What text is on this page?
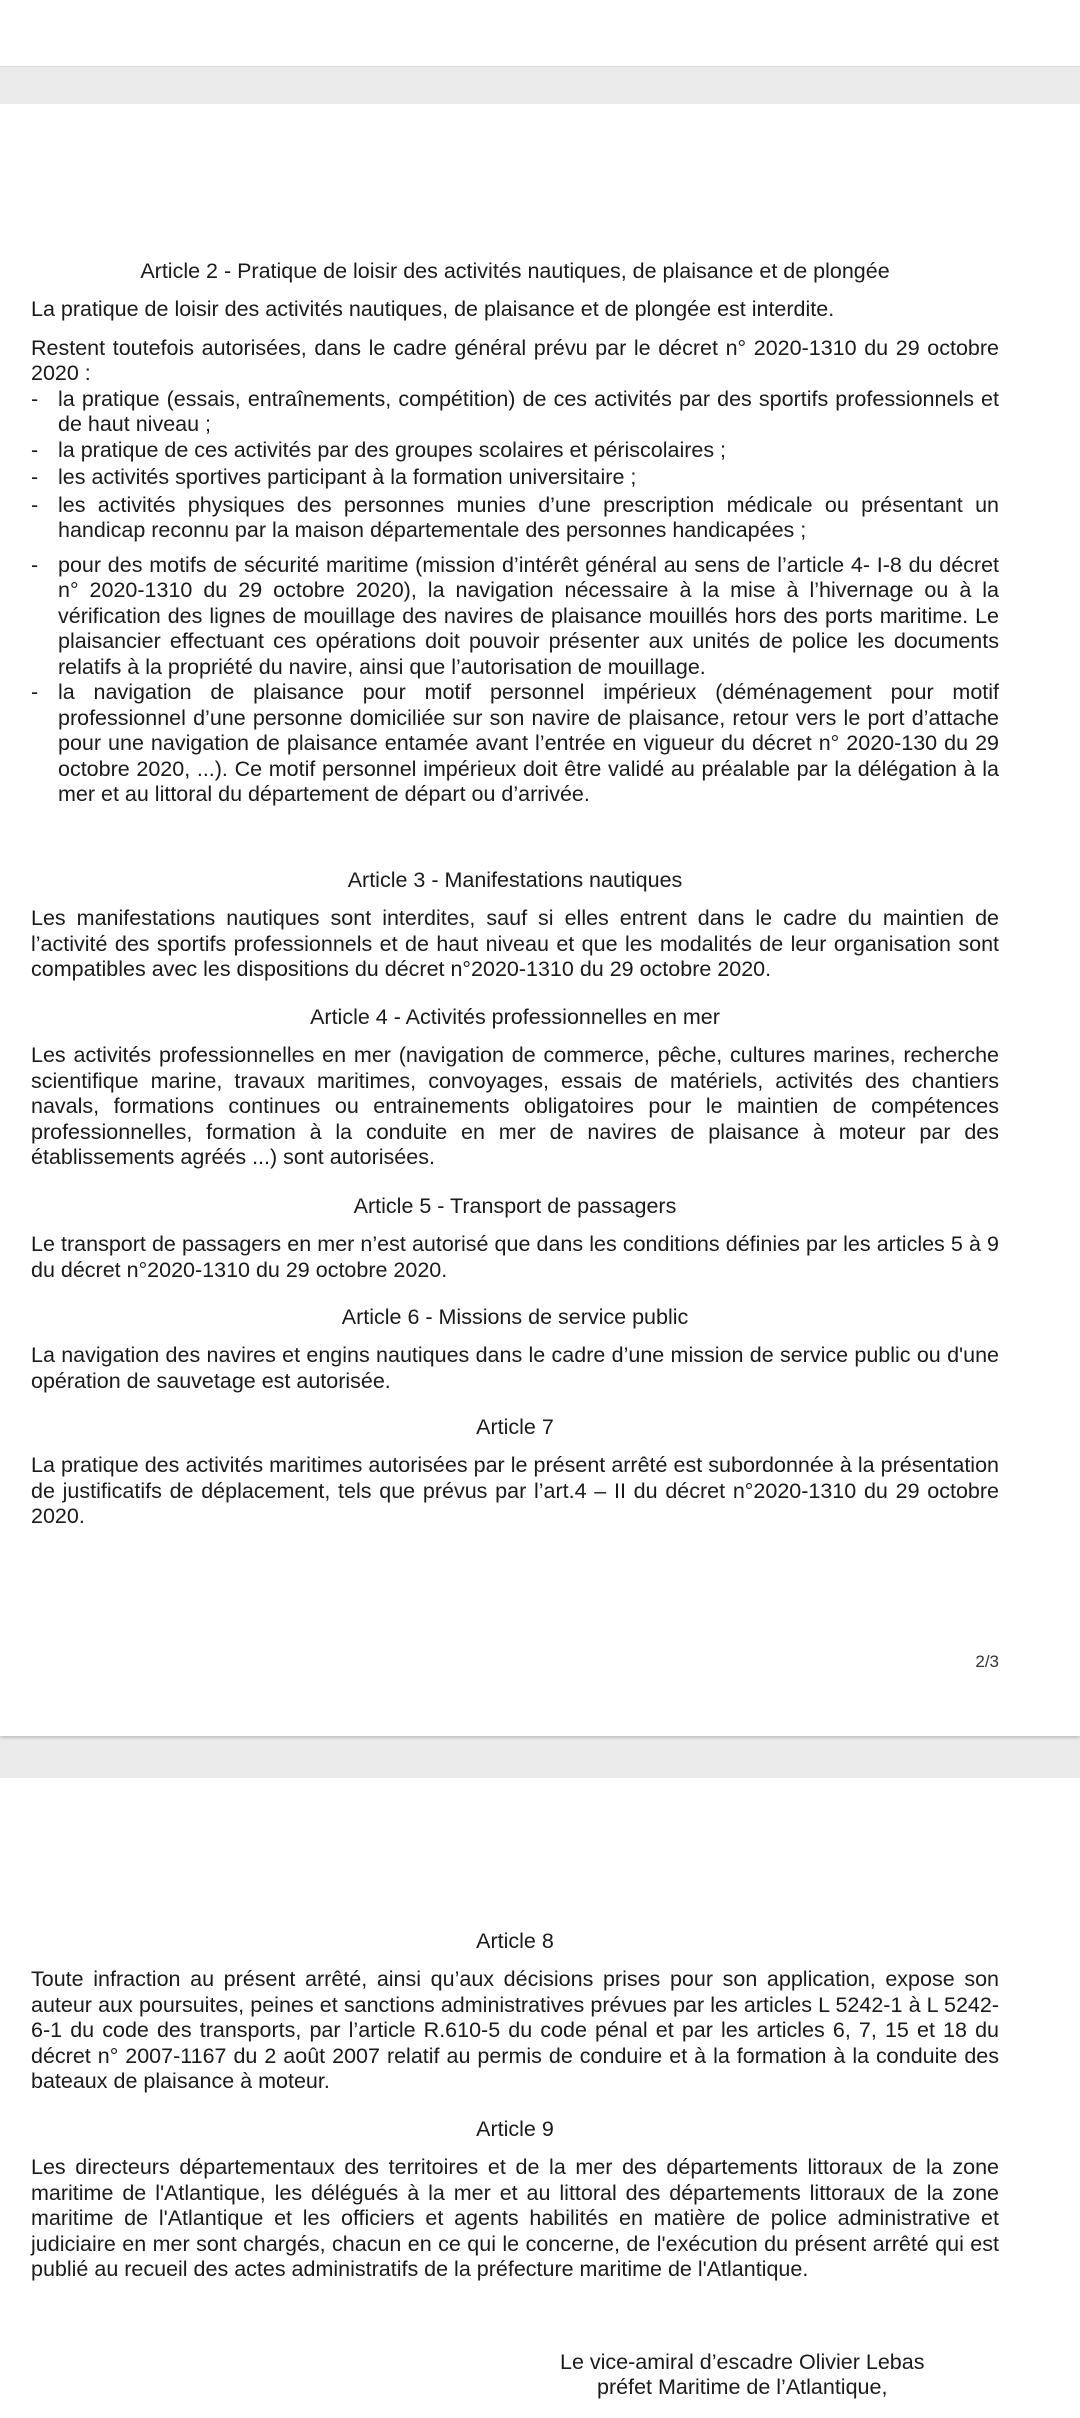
Article 2 - Pratique de loisir des activités nautiques, de plaisance et de plongée

La pratique de loisir des activités nautiques, de plaisance et de plongée est interdite.

Restent toutefois autorisées, dans le cadre général prévu par le décret n° 2020-1310 du 29 octobre 2020 :

- la pratique (essais, entraînements, compétition) de ces activités par des sportifs professionnels et de haut niveau ;
- la pratique de ces activités par des groupes scolaires et périscolaires ;
- les activités sportives participant à la formation universitaire ;
- les activités physiques des personnes munies d’une prescription médicale ou présentant un handicap reconnu par la maison départementale des personnes handicapées ;
- pour des motifs de sécurité maritime (mission d’intérêt général au sens de l’article 4- I-8 du décret n° 2020-1310 du 29 octobre 2020), la navigation nécessaire à la mise à l’hivernage ou à la vérification des lignes de mouillage des navires de plaisance mouillés hors des ports maritime. Le plaisancier effectuant ces opérations doit pouvoir présenter aux unités de police les documents relatifs à la propriété du navire, ainsi que l’autorisation de mouillage.
- la navigation de plaisance pour motif personnel impérieux (déménagement pour motif professionnel d’une personne domiciliée sur son navire de plaisance, retour vers le port d’attache pour une navigation de plaisance entamée avant l’entrée en vigueur du décret n° 2020-130 du 29 octobre 2020, ...). Ce motif personnel impérieux doit être validé au préalable par la délégation à la mer et au littoral du département de départ ou d’arrivée.

Article 3 - Manifestations nautiques

Les manifestations nautiques sont interdites, sauf si elles entrent dans le cadre du maintien de l’activité des sportifs professionnels et de haut niveau et que les modalités de leur organisation sont compatibles avec les dispositions du décret n°2020-1310 du 29 octobre 2020.

Article 4 - Activités professionnelles en mer

Les activités professionnelles en mer (navigation de commerce, pêche, cultures marines, recherche scientifique marine, travaux maritimes, convoyages, essais de matériels, activités des chantiers navals, formations continues ou entrainements obligatoires pour le maintien de compétences professionnelles, formation à la conduite en mer de navires de plaisance à moteur par des établissements agréés ...) sont autorisées.

Article 5 - Transport de passagers

Le transport de passagers en mer n’est autorisé que dans les conditions définies par les articles 5 à 9 du décret n°2020-1310 du 29 octobre 2020.

Article 6 - Missions de service public

La navigation des navires et engins nautiques dans le cadre d’une mission de service public ou d'une opération de sauvetage est autorisée.

Article 7

La pratique des activités maritimes autorisées par le présent arrêté est subordonnée à la présentation de justificatifs de déplacement, tels que prévus par l’art.4 – II du décret n°2020-1310 du 29 octobre 2020.

2/3

Article 8

Toute infraction au présent arrêté, ainsi qu’aux décisions prises pour son application, expose son auteur aux poursuites, peines et sanctions administratives prévues par les articles L 5242-1 à L 5242-6-1 du code des transports, par l’article R.610-5 du code pénal et par les articles 6, 7, 15 et 18 du décret n° 2007-1167 du 2 août 2007 relatif au permis de conduire et à la formation à la conduite des bateaux de plaisance à moteur.

Article 9

Les directeurs départementaux des territoires et de la mer des départements littoraux de la zone maritime de l'Atlantique, les délégués à la mer et au littoral des départements littoraux de la zone maritime de l'Atlantique et les officiers et agents habilités en matière de police administrative et judiciaire en mer sont chargés, chacun en ce qui le concerne, de l'exécution du présent arrêté qui est publié au recueil des actes administratifs de la préfecture maritime de l'Atlantique.

Le vice-amiral d’escadre Olivier Lebas
préfet Maritime de l’Atlantique,
